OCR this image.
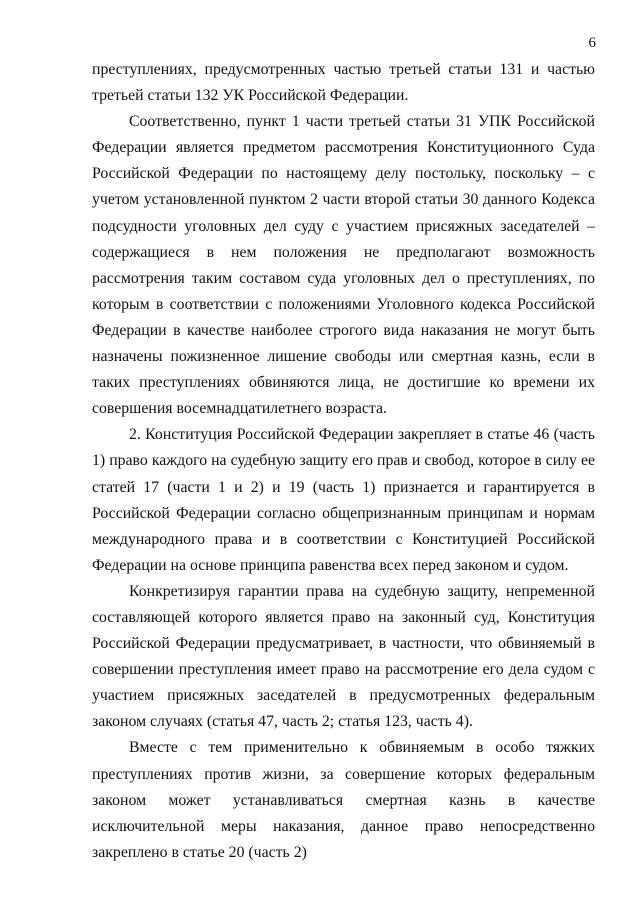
6

преступлениях, предусмотренных частью третьей статьи 131 и частью третьей статьи 132 УК Российской Федерации.

Соответственно, пункт 1 части третьей статьи 31 УПК Российской Федерации является предметом рассмотрения Конституционного Суда Российской Федерации по настоящему делу постольку, поскольку – с учетом установленной пунктом 2 части второй статьи 30 данного Кодекса подсудности уголовных дел суду с участием присяжных заседателей – содержащиеся в нем положения не предполагают возможность рассмотрения таким составом суда уголовных дел о преступлениях, по которым в соответствии с положениями Уголовного кодекса Российской Федерации в качестве наиболее строгого вида наказания не могут быть назначены пожизненное лишение свободы или смертная казнь, если в таких преступлениях обвиняются лица, не достигшие ко времени их совершения восемнадцатилетнего возраста.

2. Конституция Российской Федерации закрепляет в статье 46 (часть 1) право каждого на судебную защиту его прав и свобод, которое в силу ее статей 17 (части 1 и 2) и 19 (часть 1) признается и гарантируется в Российской Федерации согласно общепризнанным принципам и нормам международного права и в соответствии с Конституцией Российской Федерации на основе принципа равенства всех перед законом и судом.

Конкретизируя гарантии права на судебную защиту, непременной составляющей которого является право на законный суд, Конституция Российской Федерации предусматривает, в частности, что обвиняемый в совершении преступления имеет право на рассмотрение его дела судом с участием присяжных заседателей в предусмотренных федеральным законом случаях (статья 47, часть 2; статья 123, часть 4).

Вместе с тем применительно к обвиняемым в особо тяжких преступлениях против жизни, за совершение которых федеральным законом может устанавливаться смертная казнь в качестве исключительной меры наказания, данное право непосредственно закреплено в статье 20 (часть 2)
